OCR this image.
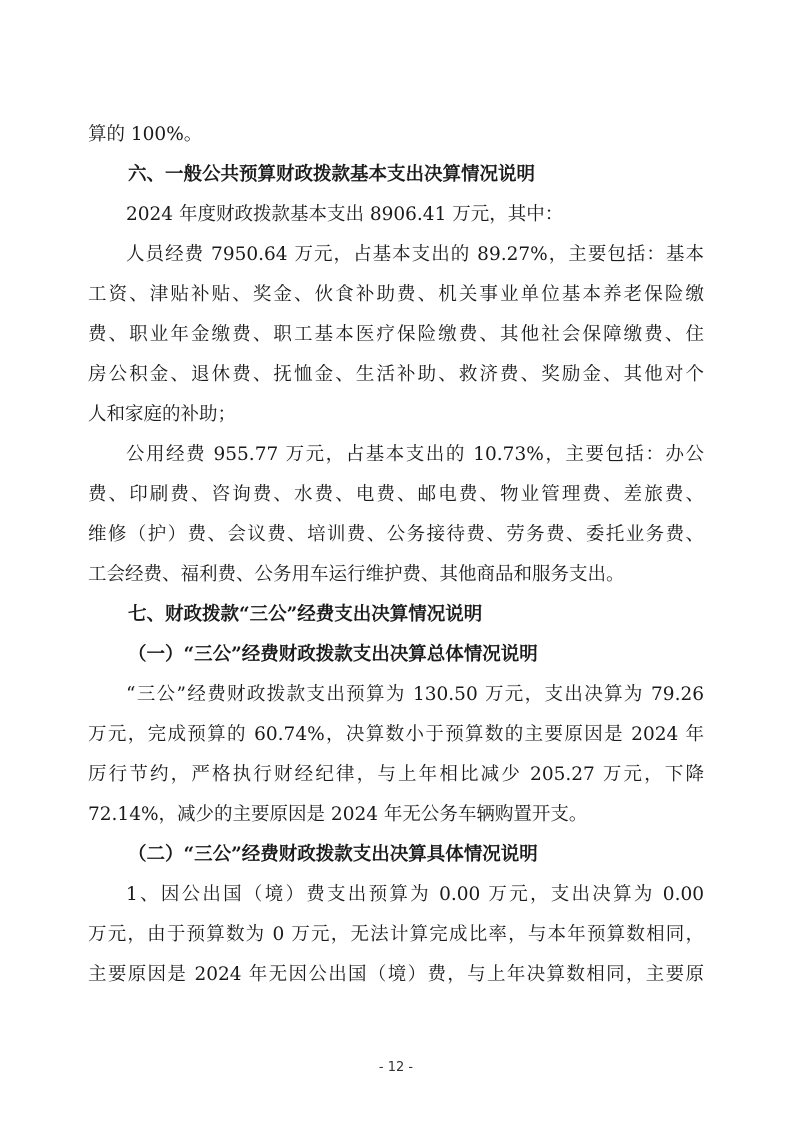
算的 100%。
六、一般公共预算财政拨款基本支出决算情况说明
2024 年度财政拨款基本支出 8906.41 万元，其中：
人员经费 7950.64 万元，占基本支出的 89.27%，主要包括：基本
工资、津贴补贴、奖金、伙食补助费、机关事业单位基本养老保险缴
费、职业年金缴费、职工基本医疗保险缴费、其他社会保障缴费、住
房公积金、退休费、抚恤金、生活补助、救济费、奖励金、其他对个
人和家庭的补助；
公用经费 955.77 万元，占基本支出的 10.73%，主要包括：办公
费、印刷费、咨询费、水费、电费、邮电费、物业管理费、差旅费、
维修（护）费、会议费、培训费、公务接待费、劳务费、委托业务费、
工会经费、福利费、公务用车运行维护费、其他商品和服务支出。
七、财政拨款“三公”经费支出决算情况说明
（一）“三公”经费财政拨款支出决算总体情况说明
“三公”经费财政拨款支出预算为 130.50 万元，支出决算为 79.26
万元，完成预算的 60.74%，决算数小于预算数的主要原因是 2024 年
厉行节约，严格执行财经纪律，与上年相比减少 205.27 万元，下降
72.14%，减少的主要原因是 2024 年无公务车辆购置开支。
（二）“三公”经费财政拨款支出决算具体情况说明
1、因公出国（境）费支出预算为 0.00 万元，支出决算为 0.00
万元，由于预算数为 0 万元，无法计算完成比率，与本年预算数相同，
主要原因是 2024 年无因公出国（境）费，与上年决算数相同，主要原
- 12 -
